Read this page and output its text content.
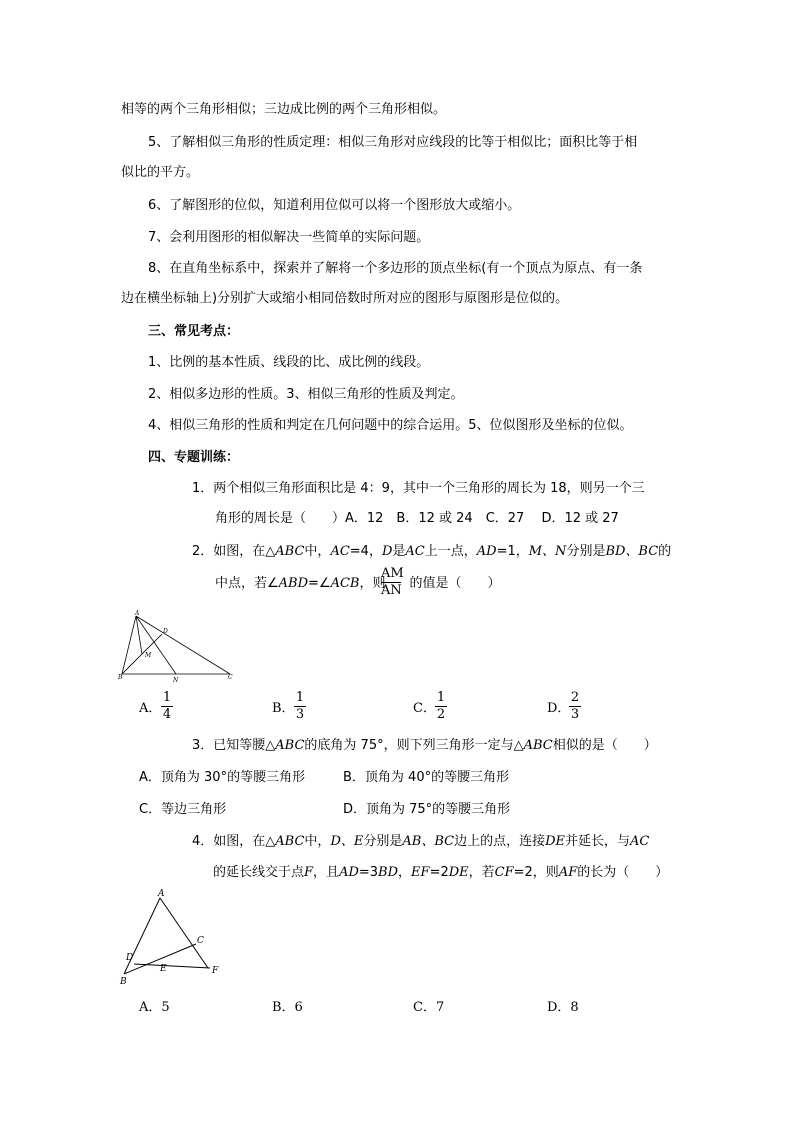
相等的两个三角形相似；三边成比例的两个三角形相似。
5、了解相似三角形的性质定理：相似三角形对应线段的比等于相似比；面积比等于相
似比的平方。
6、了解图形的位似，知道利用位似可以将一个图形放大或缩小。
7、会利用图形的相似解决一些简单的实际问题。
8、在直角坐标系中，探索并了解将一个多边形的顶点坐标(有一个顶点为原点、有一条
边在横坐标轴上)分别扩大或缩小相同倍数时所对应的图形与原图形是位似的。
三、常见考点：
1、比例的基本性质、线段的比、成比例的线段。
2、相似多边形的性质。3、相似三角形的性质及判定。
4、相似三角形的性质和判定在几何问题中的综合运用。5、位似图形及坐标的位似。
四、专题训练：
1．两个相似三角形面积比是 4：9，其中一个三角形的周长为 18，则另一个三
角形的周长是（　　）A．12　B．12 或 24　C．27　 D．12 或 27
2．如图，在△ABC中，AC=4，D是AC上一点，AD=1，M、N分别是BD、BC的
中点，若∠ABD=∠ACB，则 的值是（　　）
AM
AN
A
B	C
D
M
N
A．
1
4	B．
1
3	C．
1
2	D．
2
3
3．已知等腰△ABC的底角为 75°，则下列三角形一定与△ABC相似的是（　　）
A．顶角为 30°的等腰三角形	B．顶角为 40°的等腰三角形
C．等边三角形	D．顶角为 75°的等腰三角形
4．如图，在△ABC中，D、E分别是AB、BC边上的点，连接DE并延长，与AC
的延长线交于点F，且AD=3BD，EF=2DE，若CF=2，则AF的长为（　　）
A
B
C
D
E	F
A．5	B．6	C．7	D．8
